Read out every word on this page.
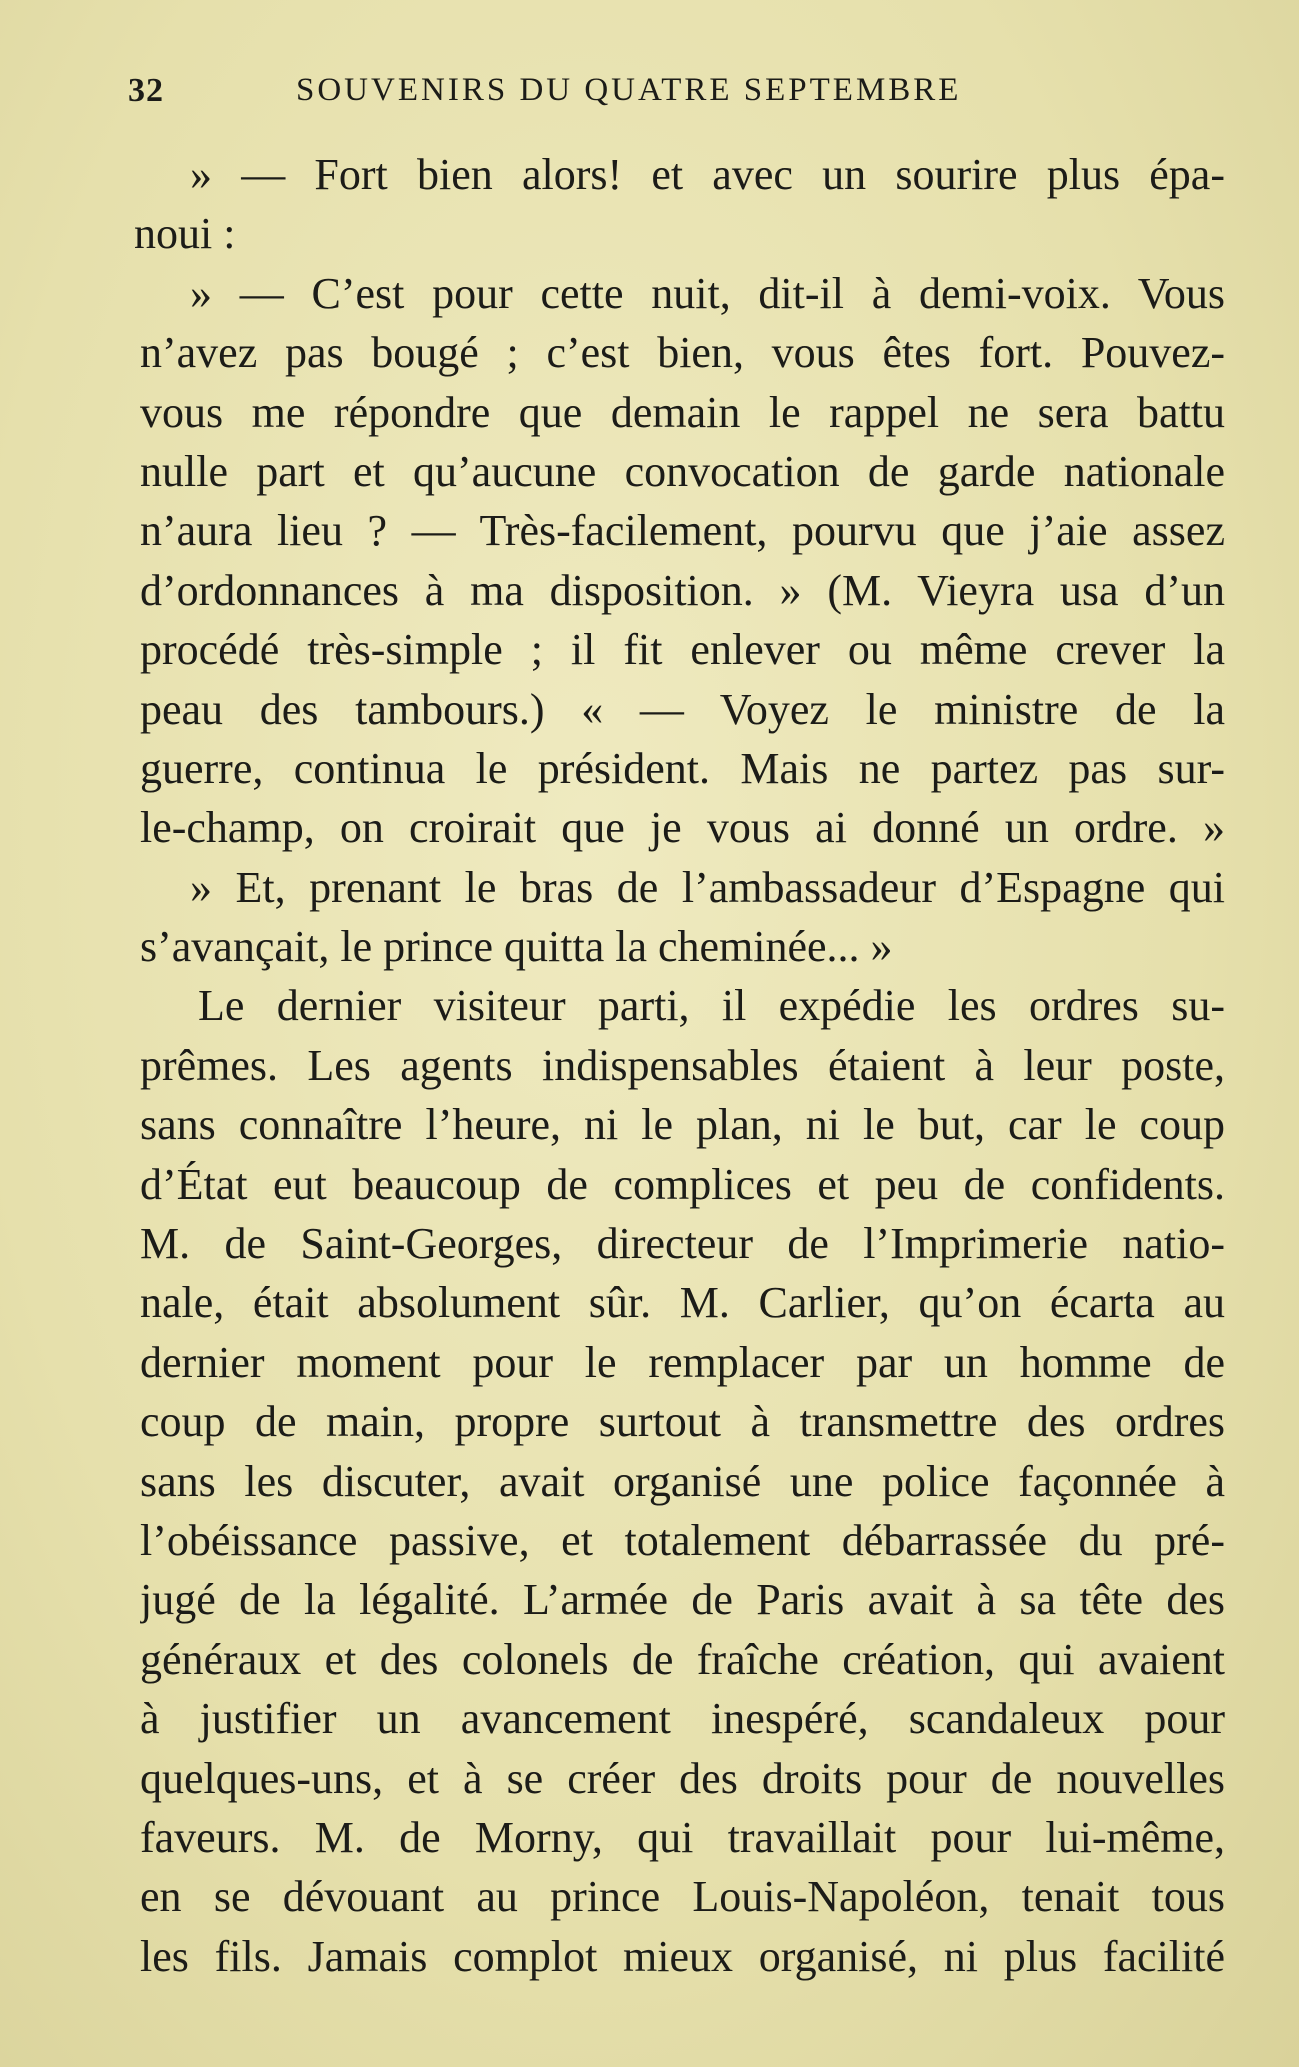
32	SOUVENIRS DU QUATRE SEPTEMBRE
» — Fort bien alors! et avec un sourire plus épa-
noui :
» — C’est pour cette nuit, dit-il à demi-voix. Vous
n’avez pas bougé ; c’est bien, vous êtes fort. Pouvez-
vous me répondre que demain le rappel ne sera battu
nulle part et qu’aucune convocation de garde nationale
n’aura lieu ? — Très-facilement, pourvu que j’aie assez
d’ordonnances à ma disposition. » (M. Vieyra usa d’un
procédé très-simple ; il fit enlever ou même crever la
peau des tambours.) « — Voyez le ministre de la
guerre, continua le président. Mais ne partez pas sur-
le-champ, on croirait que je vous ai donné un ordre. »
» Et, prenant le bras de l’ambassadeur d’Espagne qui
s’avançait, le prince quitta la cheminée... »
Le dernier visiteur parti, il expédie les ordres su-
prêmes. Les agents indispensables étaient à leur poste,
sans connaître l’heure, ni le plan, ni le but, car le coup
d’État eut beaucoup de complices et peu de confidents.
M. de Saint-Georges, directeur de l’Imprimerie natio-
nale, était absolument sûr. M. Carlier, qu’on écarta au
dernier moment pour le remplacer par un homme de
coup de main, propre surtout à transmettre des ordres
sans les discuter, avait organisé une police façonnée à
l’obéissance passive, et totalement débarrassée du pré-
jugé de la légalité. L’armée de Paris avait à sa tête des
généraux et des colonels de fraîche création, qui avaient
à justifier un avancement inespéré, scandaleux pour
quelques-uns, et à se créer des droits pour de nouvelles
faveurs. M. de Morny, qui travaillait pour lui-même,
en se dévouant au prince Louis-Napoléon, tenait tous
les fils. Jamais complot mieux organisé, ni plus facilité
